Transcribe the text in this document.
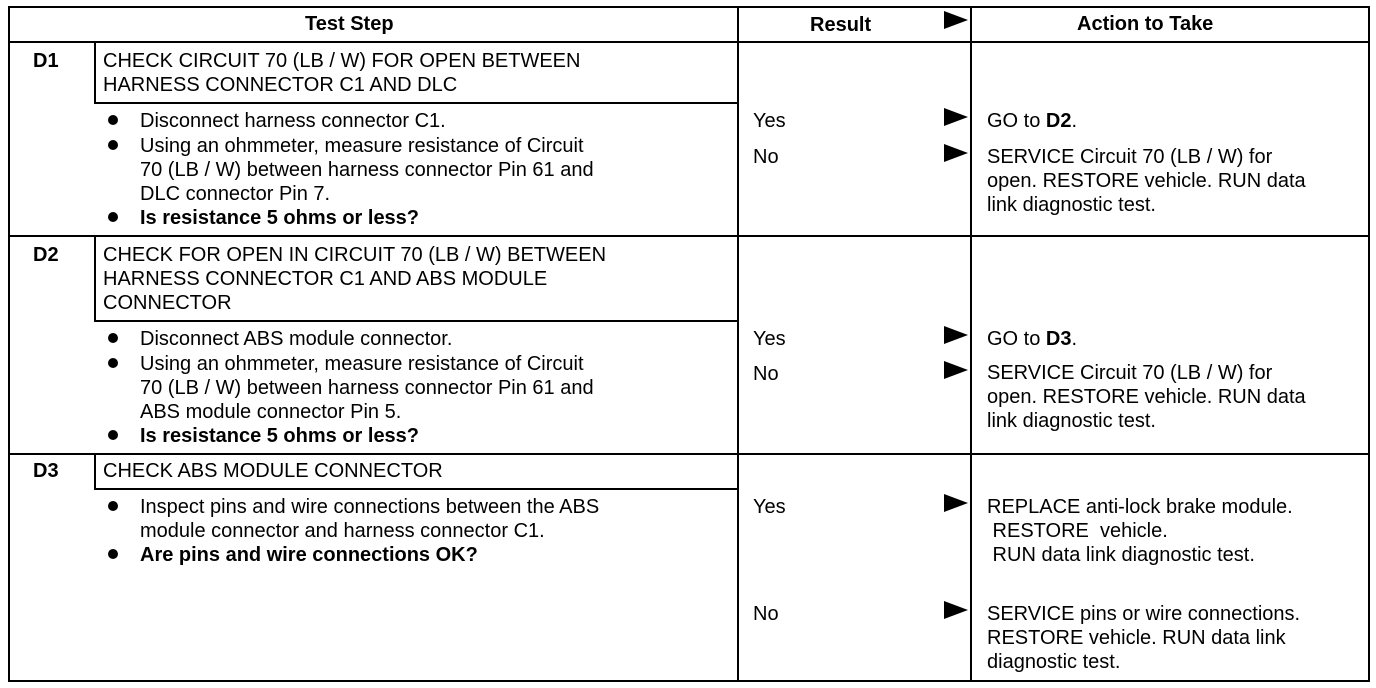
Test Step	Result	Action to Take
D1 CHECK CIRCUIT 70 (LB / W) FOR OPEN BETWEEN
HARNESS CONNECTOR C1 AND DLC
Disconnect harness connector C1.
Using an ohmmeter, measure resistance of Circuit
70 (LB / W) between harness connector Pin 61 and
DLC connector Pin 7.
Is resistance 5 ohms or less?
Yes	GO to D2.
No	SERVICE Circuit 70 (LB / W) for
open. RESTORE vehicle. RUN data
link diagnostic test.
D2 CHECK FOR OPEN IN CIRCUIT 70 (LB / W) BETWEEN
HARNESS CONNECTOR C1 AND ABS MODULE
CONNECTOR
Disconnect ABS module connector.
Using an ohmmeter, measure resistance of Circuit
70 (LB / W) between harness connector Pin 61 and
ABS module connector Pin 5.
Is resistance 5 ohms or less?
Yes	GO to D3.
No	SERVICE Circuit 70 (LB / W) for
open. RESTORE vehicle. RUN data
link diagnostic test.
D3 CHECK ABS MODULE CONNECTOR
Inspect pins and wire connections between the ABS
module connector and harness connector C1.
Are pins and wire connections OK?
Yes	REPLACE anti-lock brake module.
RESTORE  vehicle.
RUN data link diagnostic test.
No	SERVICE pins or wire connections.
RESTORE vehicle. RUN data link
diagnostic test.
